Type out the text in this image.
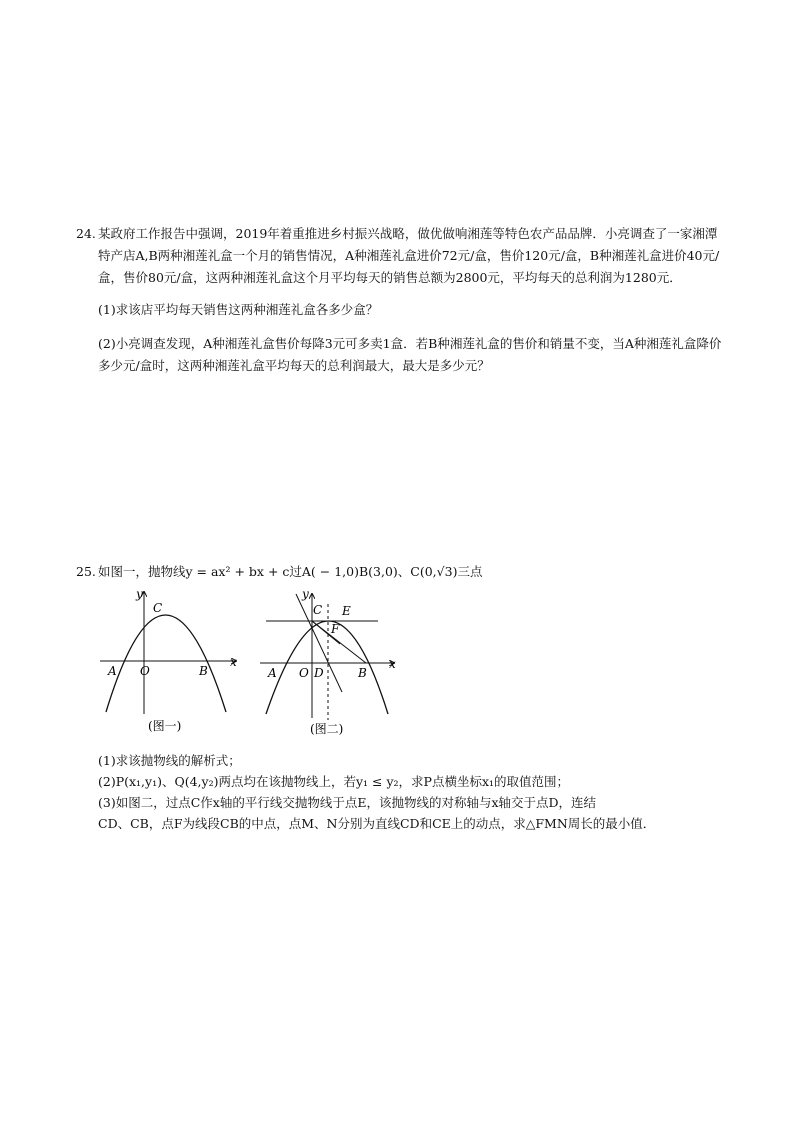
24. 某政府工作报告中强调，2019年着重推进乡村振兴战略，做优做响湘莲等特色农产品品牌．小亮调查了一家湘潭特产店A,B两种湘莲礼盒一个月的销售情况，A种湘莲礼盒进价72元/盒，售价120元/盒，B种湘莲礼盒进价40元/盒，售价80元/盒，这两种湘莲礼盒这个月平均每天的销售总额为2800元，平均每天的总利润为1280元．
(1)求该店平均每天销售这两种湘莲礼盒各多少盒？
(2)小亮调查发现，A种湘莲礼盒售价每降3元可多卖1盒．若B种湘莲礼盒的售价和销量不变，当A种湘莲礼盒降价多少元/盒时，这两种湘莲礼盒平均每天的总利润最大，最大是多少元？
25. 如图一，抛物线y = ax² + bx + c过A( − 1,0)B(3,0)、C(0,√3)三点
y
x
C
A O	B
(图一)
y
x
C E
F
A O D	B
(图二)
(1)求该抛物线的解析式；
(2)P(x₁,y₁)、Q(4,y₂)两点均在该抛物线上，若y₁ ≤ y₂，求P点横坐标x₁的取值范围；
(3)如图二，过点C作x轴的平行线交抛物线于点E，该抛物线的对称轴与x轴交于点D，连结
CD、CB，点F为线段CB的中点，点M、N分别为直线CD和CE上的动点，求△FMN周长的最小值．
